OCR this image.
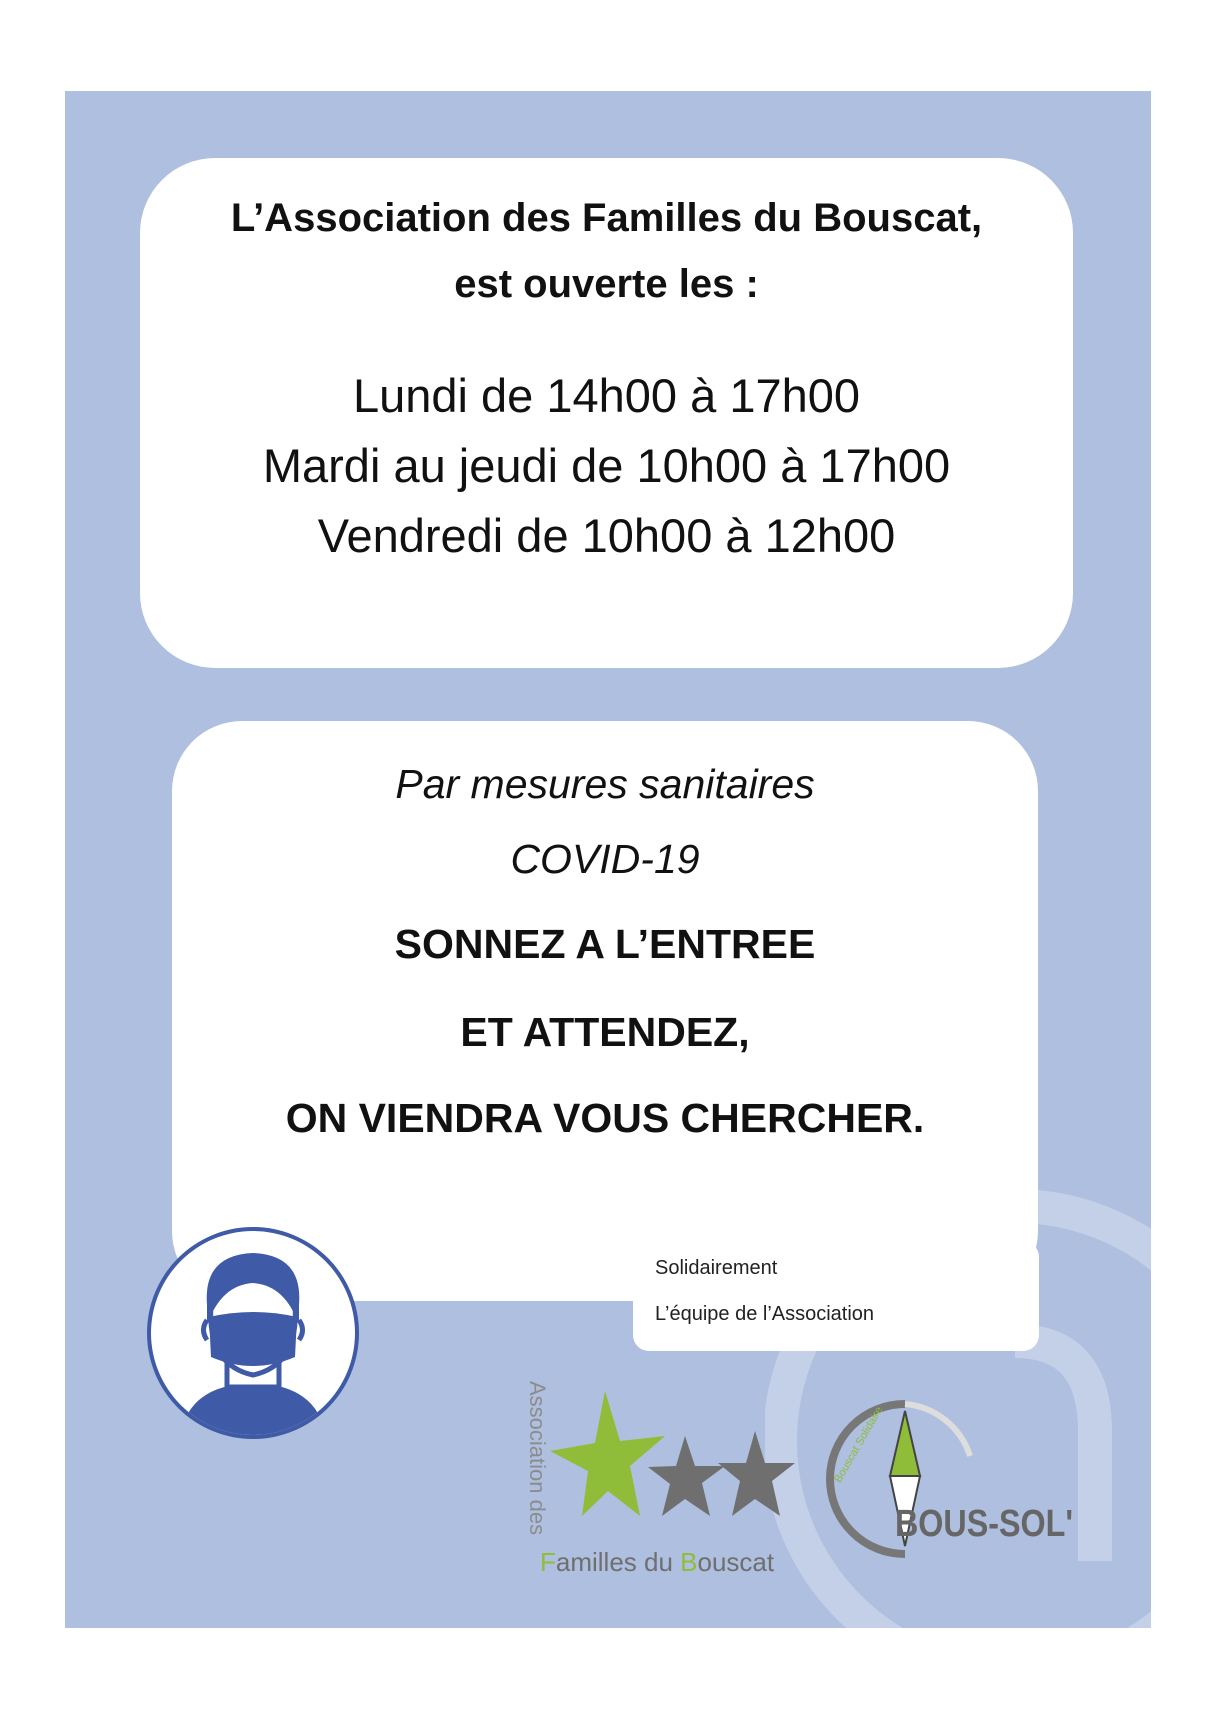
L’Association des Familles du Bouscat,
est ouverte les :
Lundi de 14h00 à 17h00
Mardi au jeudi de 10h00 à 17h00
Vendredi de 10h00 à 12h00
Par mesures sanitaires
COVID-19
SONNEZ A L’ENTREE
ET ATTENDEZ,
ON VIENDRA VOUS CHERCHER.
Solidairement
L’équipe de l’Association
Association des
Familles du Bouscat
Bouscat Solidaire
BOUS-SOL'
